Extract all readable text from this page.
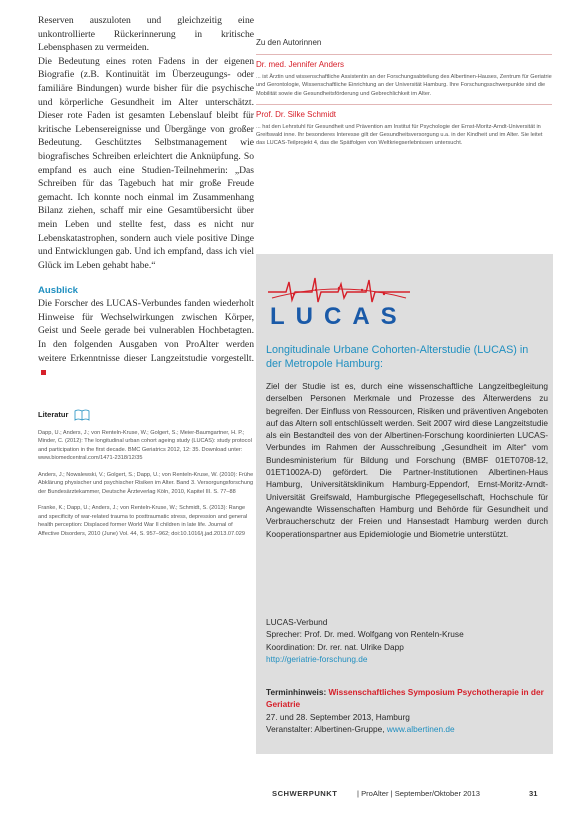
Reserven auszuloten und gleichzeitig eine unkontrollierte Rückerinnerung in kritische Lebensphasen zu vermeiden.

Die Bedeutung eines roten Fadens in der eigenen Biografie (z.B. Kontinuität im Überzeugungs- oder familiäre Bindungen) wurde bisher für die psychische und körperliche Gesundheit im Alter unterschätzt. Dieser rote Faden ist gesamten Lebenslauf bleibt für kritische Lebensereignisse und Übergänge von großer Bedeutung. Geschütztes Selbstmanagement wie biografisches Schreiben erleichtert die Anknüpfung. So empfand es auch eine Studien-Teilnehmerin: „Das Schreiben für das Tagebuch hat mir große Freude gemacht. Ich konnte noch einmal im Zusammenhang Bilanz ziehen, schaff mir eine Gesamtübersicht über mein Leben und stellte fest, dass es nicht nur Lebenskatastrophen, sondern auch viele positive Dinge und Entwicklungen gab. Und ich empfand, dass ich viel Glück im Leben gehabt habe.“

Ausblick
Die Forscher des LUCAS-Verbundes fanden wiederholt Hinweise für Wechselwirkungen zwischen Körper, Geist und Seele gerade bei vulnerablen Hochbetagten. In den folgenden Ausgaben von ProAlter werden weitere Erkenntnisse dieser Langzeitstudie vorgestellt.
Literatur

Dapp, U.; Anders, J.; von Renteln-Kruse, W.; Golgert, S.; Meier-Baumgartner, H. P.; Minder, C. (2012): The longitudinal urban cohort ageing study (LUCAS): study protocol and participation in the first decade. BMC Geriatrics 2012, 12: 35. Download unter: www.biomedcentral.com/1471-2318/12/35

Anders, J.; Nowalewski, V.; Golgert, S.; Dapp, U.; von Renteln-Kruse, W. (2010): Frühe Abklärung physischer und psychischer Risiken im Alter. Band 3. Versorgungsforschung der Bundesärztekammer, Deutsche Ärzteverlag Köln, 2010, Kapitel III. S. 77–88

Franke, K.; Dapp, U.; Anders, J.; von Renteln-Kruse, W.; Schmidt, S. (2013): Range and specificity of war-related trauma to posttraumatic stress, depression and general health perception: Displaced former World War II children in late life. Journal of Affective Disorders, 2010 (June) Vol. 44, S. 957–962; doi:10.1016/j.jad.2013.07.029

Zu den Autorinnen
Dr. med. Jennifer Anders
... ist Ärztin und wissenschaftliche Assistentin an der Forschungsabteilung des Albertinen-Hauses, Zentrum für Geriatrie und Gerontologie, Wissenschaftliche Einrichtung an der Universität Hamburg. Ihre Forschungsschwerpunkte sind die Mobilität sowie die Gesundheitsförderung und Gebrechlichkeit im Alter.
Prof. Dr. Silke Schmidt
... hat den Lehrstuhl für Gesundheit und Prävention am Institut für Psychologie der Ernst-Moritz-Arndt-Universität in Greifswald inne. Ihr besonderes Interesse gilt der Gesundheitsversorgung u.a. in der Kindheit und im Alter. Sie leitet das LUCAS-Teilprojekt 4, das die Spätfolgen von Weltkriegserlebnissen untersucht.
LUCAS
Longitudinale Urbane Cohorten-Alterstudie (LUCAS) in der Metropole Hamburg:
Ziel der Studie ist es, durch eine wissenschaftliche Langzeitbegleitung derselben Personen Merkmale und Prozesse des Älterwerdens zu begreifen. Der Einfluss von Ressourcen, Risiken und präventiven Angeboten auf das Altern soll entschlüsselt werden. Seit 2007 wird diese Langzeitstudie als ein Bestandteil des von der Albertinen-Forschung koordinierten LUCAS-Verbundes im Rahmen der Ausschreibung „Gesundheit im Alter“ vom Bundesministerium für Bildung und Forschung (BMBF 01ET0708-12, 01ET1002A-D) gefördert. Die Partner-Institutionen Albertinen-Haus Hamburg, Universitätsklinikum Hamburg-Eppendorf, Ernst-Moritz-Arndt-Universität Greifswald, Hamburgische Pflegegesellschaft, Hochschule für Angewandte Wissenschaften Hamburg und Behörde für Gesundheit und Verbraucherschutz der Freien und Hansestadt Hamburg werden durch Kooperationspartner aus Epidemiologie und Biometrie unterstützt.
LUCAS-Verbund
Sprecher: Prof. Dr. med. Wolfgang von Renteln-Kruse
Koordination: Dr. rer. nat. Ulrike Dapp
http://geriatrie-forschung.de
Terminhinweis: Wissenschaftliches Symposium Psychotherapie in der Geriatrie
27. und 28. September 2013, Hamburg
Veranstalter: Albertinen-Gruppe, www.albertinen.de
SCHWERPUNKT	| ProAlter | September/Oktober 2013	31
